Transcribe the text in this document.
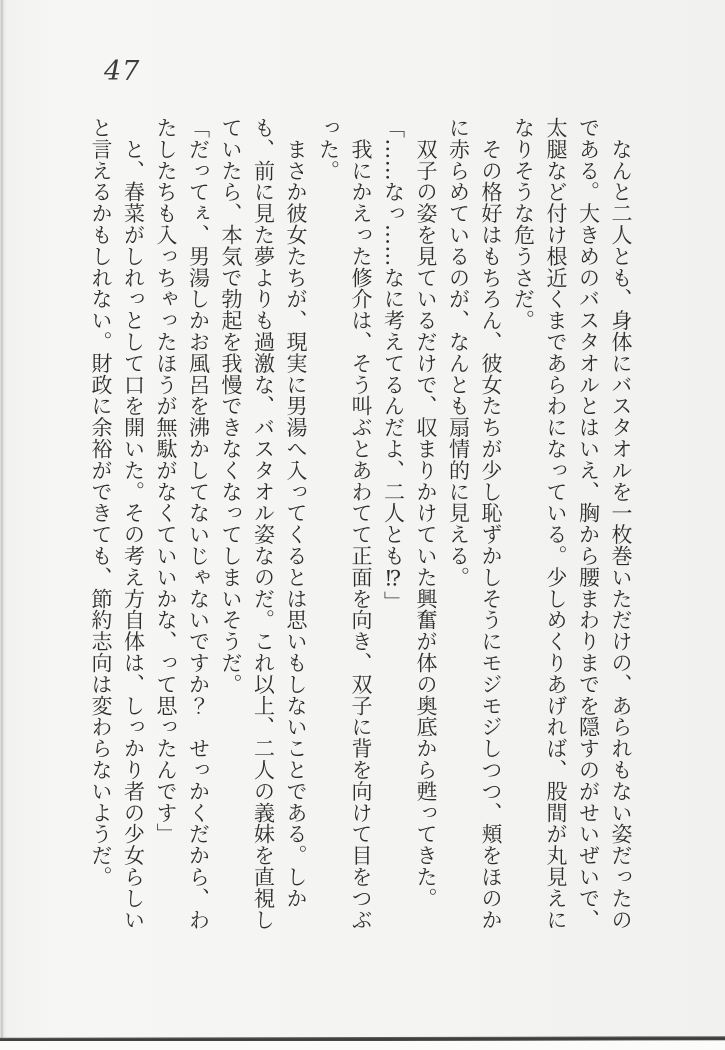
47

　なんと二人とも、身体にバスタオルを一枚巻いただけの、あられもない姿だったのである。大きめのバスタオルとはいえ、胸から腰まわりまでを隠すのがせいぜいで、太腿など付け根近くまであらわになっている。少しめくりあげれば、股間が丸見えになりそうな危うさだ。

　その格好はもちろん、彼女たちが少し恥ずかしそうにモジモジしつつ、頬をほのかに赤らめているのが、なんとも扇情的に見える。

　双子の姿を見ているだけで、収まりかけていた興奮が体の奥底から甦ってきた。

「……なっ……なに考えてるんだよ、二人とも⁉」

　我にかえった修介は、そう叫ぶとあわてて正面を向き、双子に背を向けて目をつぶった。

　まさか彼女たちが、現実に男湯へ入ってくるとは思いもしないことである。しかも、前に見た夢よりも過激な、バスタオル姿なのだ。これ以上、二人の義妹を直視していたら、本気で勃起を我慢できなくなってしまいそうだ。

「だってぇ、男湯しかお風呂を沸かしてないじゃないですか？　せっかくだから、わたしたちも入っちゃったほうが無駄がなくていいかな、って思ったんです」

　と、春菜がしれっとして口を開いた。その考え方自体は、しっかり者の少女らしいと言えるかもしれない。財政に余裕ができても、節約志向は変わらないようだ。
